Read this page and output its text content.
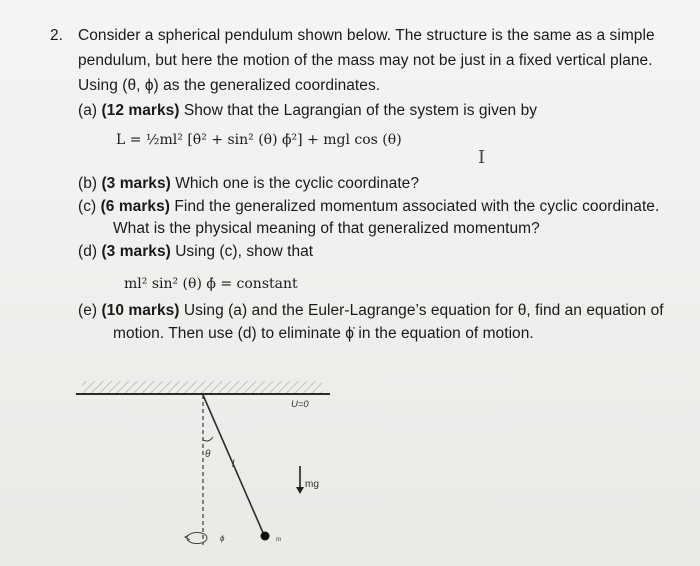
2. Consider a spherical pendulum shown below. The structure is the same as a simple
pendulum, but here the motion of the mass may not be just in a fixed vertical plane.
Using (θ, ϕ) as the generalized coordinates.
(a) (12 marks) Show that the Lagrangian of the system is given by
L = ½ml² [θ̇² + sin² (θ) ϕ̇²] + mgl cos (θ)
I
(b) (3 marks) Which one is the cyclic coordinate?
(c) (6 marks) Find the generalized momentum associated with the cyclic coordinate.
What is the physical meaning of that generalized momentum?
(d) (3 marks) Using (c), show that
ml² sin² (θ) ϕ̇ = constant
(e) (10 marks) Using (a) and the Euler-Lagrange’s equation for θ, find an equation of
motion. Then use (d) to eliminate ϕ̇ in the equation of motion.
U=0
θ
l
m
mg
ϕ
